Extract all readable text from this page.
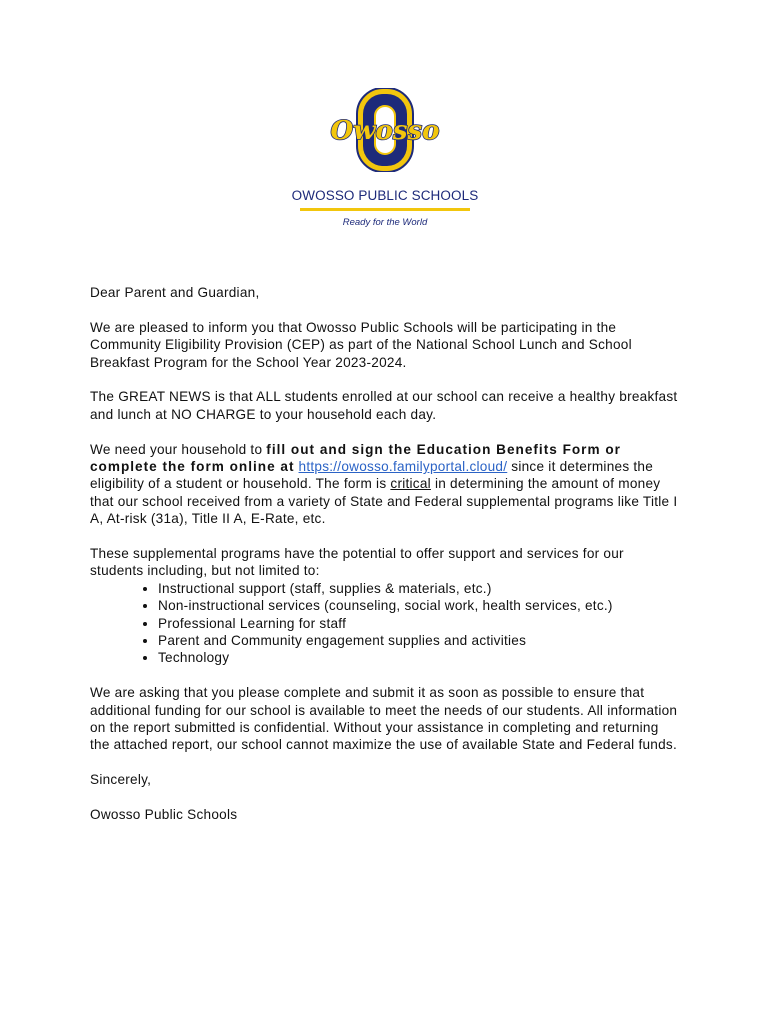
Owosso
OWOSSO PUBLIC SCHOOLS
Ready for the World

Dear Parent and Guardian,

We are pleased to inform you that Owosso Public Schools will be participating in the Community Eligibility Provision (CEP) as part of the National School Lunch and School Breakfast Program for the School Year 2023-2024.

The GREAT NEWS is that ALL students enrolled at our school can receive a healthy breakfast and lunch at NO CHARGE to your household each day.

We need your household to fill out and sign the Education Benefits Form or complete the form online at https://owosso.familyportal.cloud/ since it determines the eligibility of a student or household. The form is critical in determining the amount of money that our school received from a variety of State and Federal supplemental programs like Title I A, At-risk (31a), Title II A, E-Rate, etc.

These supplemental programs have the potential to offer support and services for our students including, but not limited to:

• Instructional support (staff, supplies & materials, etc.)
• Non-instructional services (counseling, social work, health services, etc.)
• Professional Learning for staff
• Parent and Community engagement supplies and activities
• Technology

We are asking that you please complete and submit it as soon as possible to ensure that additional funding for our school is available to meet the needs of our students. All information on the report submitted is confidential. Without your assistance in completing and returning the attached report, our school cannot maximize the use of available State and Federal funds.

Sincerely,

Owosso Public Schools
